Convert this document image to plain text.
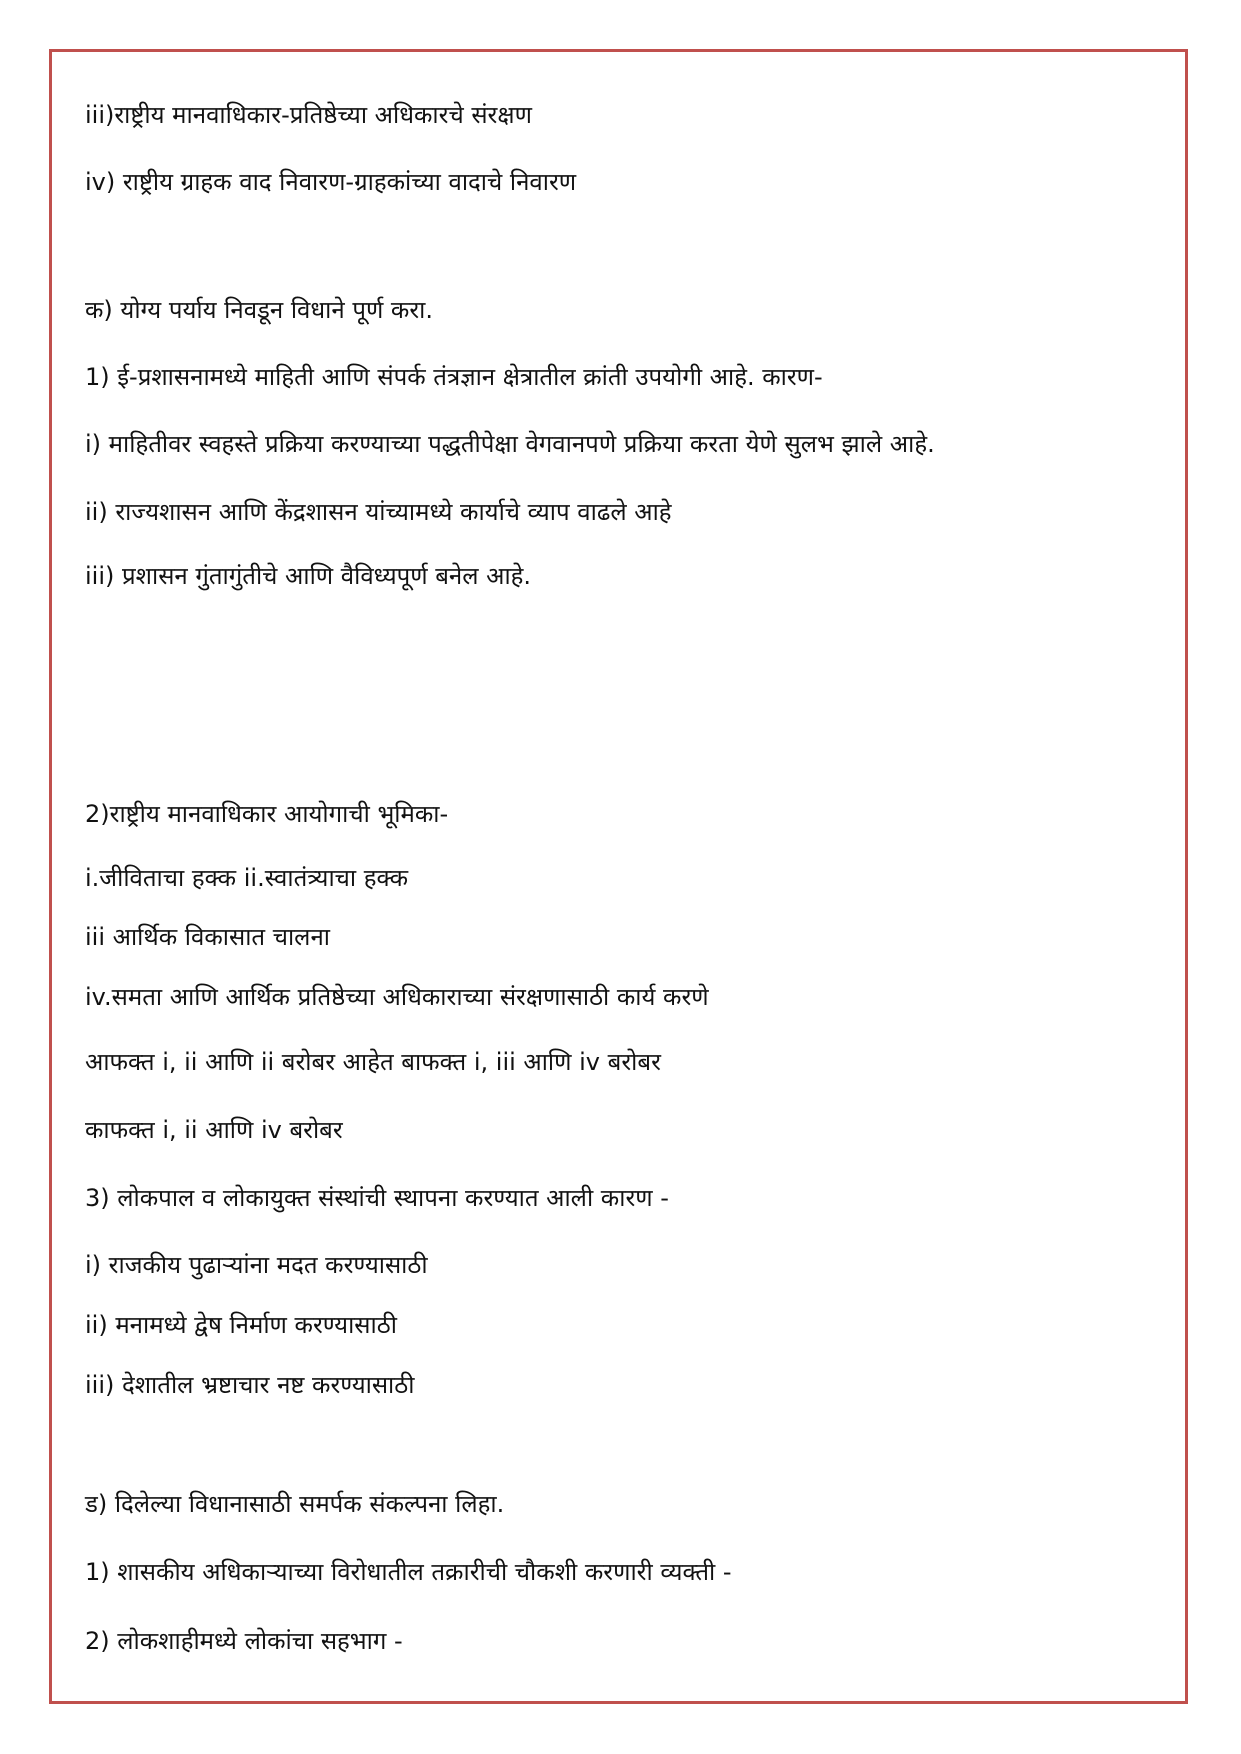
iii)राष्ट्रीय मानवाधिकार-प्रतिष्ठेच्या अधिकारचे संरक्षण
iv) राष्ट्रीय ग्राहक वाद निवारण-ग्राहकांच्या वादाचे निवारण
क) योग्य पर्याय निवडून विधाने पूर्ण करा.
1) ई-प्रशासनामध्ये माहिती आणि संपर्क तंत्रज्ञान क्षेत्रातील क्रांती उपयोगी आहे. कारण-
i) माहितीवर स्वहस्ते प्रक्रिया करण्याच्या पद्धतीपेक्षा वेगवानपणे प्रक्रिया करता येणे सुलभ झाले आहे.
ii) राज्यशासन आणि केंद्रशासन यांच्यामध्ये कार्याचे व्याप वाढले आहे
iii) प्रशासन गुंतागुंतीचे आणि वैविध्यपूर्ण बनेल आहे.
2)राष्ट्रीय मानवाधिकार आयोगाची भूमिका-
i.जीविताचा हक्क ii.स्वातंत्र्याचा हक्क
iii आर्थिक विकासात चालना
iv.समता आणि आर्थिक प्रतिष्ठेच्या अधिकाराच्या संरक्षणासाठी कार्य करणे
आफक्त i, ii आणि ii बरोबर आहेत बाफक्त i, iii आणि iv बरोबर
काफक्त i, ii आणि iv बरोबर
3) लोकपाल व लोकायुक्त संस्थांची स्थापना करण्यात आली कारण -
i) राजकीय पुढाऱ्यांना मदत करण्यासाठी
ii) मनामध्ये द्वेष निर्माण करण्यासाठी
iii) देशातील भ्रष्टाचार नष्ट करण्यासाठी
ड) दिलेल्या विधानासाठी समर्पक संकल्पना लिहा.
1) शासकीय अधिकाऱ्याच्या विरोधातील तक्रारीची चौकशी करणारी व्यक्ती -
2) लोकशाहीमध्ये लोकांचा सहभाग -
